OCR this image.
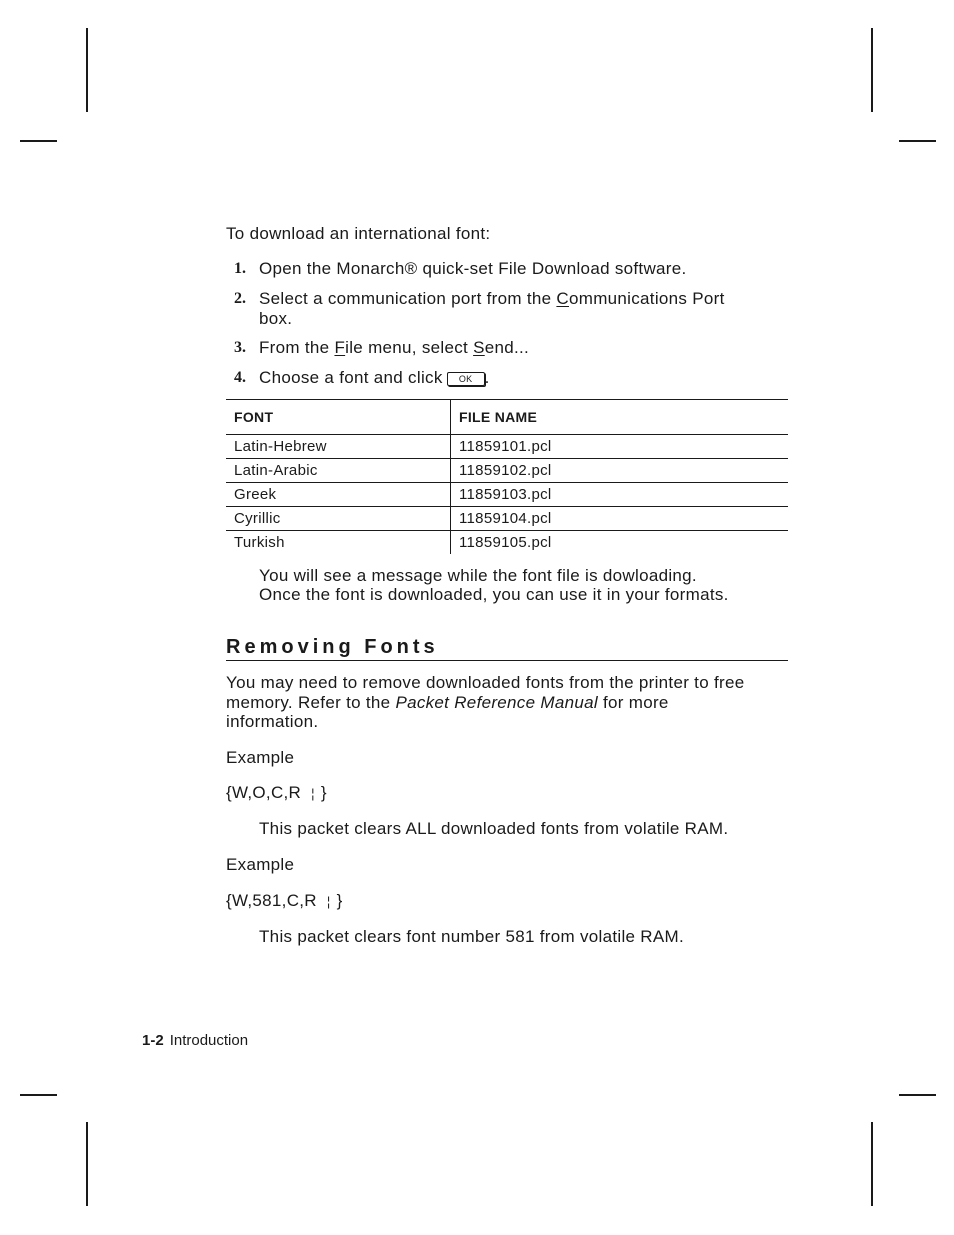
To download an international font:
1. Open the Monarch® quick-set File Download software.
2. Select a communication port from the Communications Port
box.
3. From the File menu, select Send...
4. Choose a font and click OK .
FONT	FILE NAME
Latin-Hebrew	11859101.pcl
Latin-Arabic	11859102.pcl
Greek	11859103.pcl
Cyrillic	11859104.pcl
Turkish	11859105.pcl
You will see a message while the font file is dowloading.
Once the font is downloaded, you can use it in your formats.
Removing Fonts
You may need to remove downloaded fonts from the printer to free
memory. Refer to the Packet Reference Manual for more
information.
Example
{W,O,C,R ¦ }
This packet clears ALL downloaded fonts from volatile RAM.
Example
{W,581,C,R ¦ }
This packet clears font number 581 from volatile RAM.
1-2 Introduction
